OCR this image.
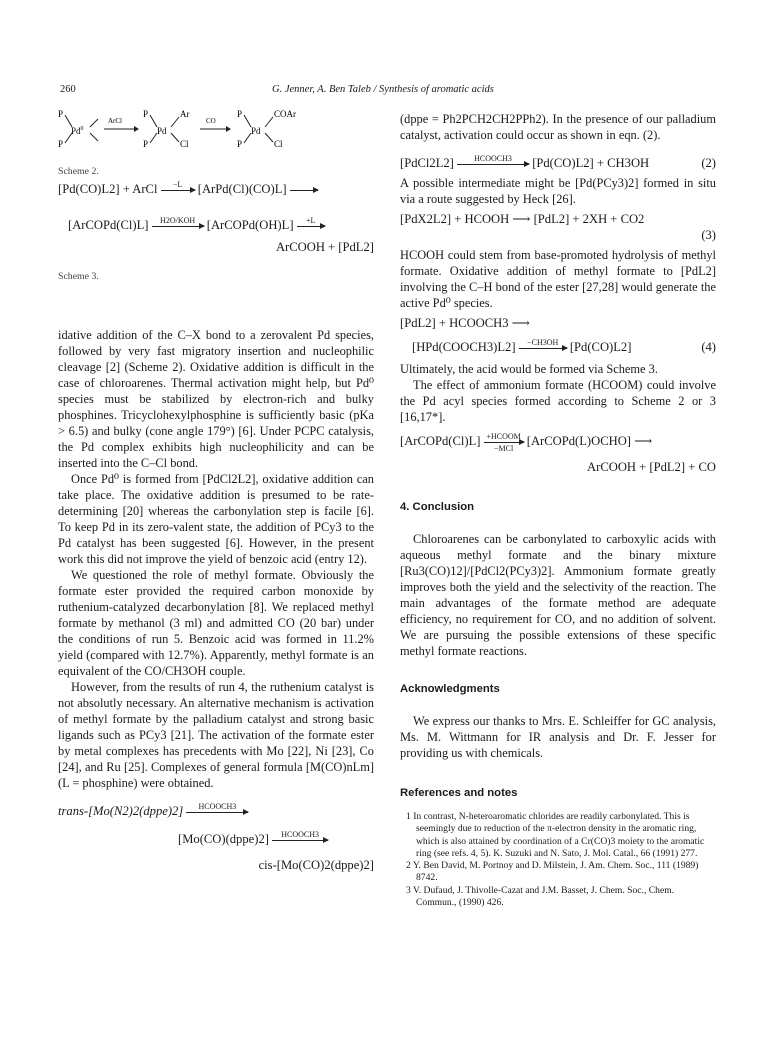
260	G. Jenner, A. Ben Taleb / Synthesis of aromatic acids
P
P
Pd$^0$
ArCl
P
P
Pd
Ar
Cl
CO
P
P
Pd
COAr
Cl
Scheme 2.
[Pd(CO)L2] + ArCl	−L	[ArPd(Cl)(CO)L]
[ArCOPd(Cl)L]	H2O/KOH [ArCOPd(OH)L]	+L
ArCOOH + [PdL2]
Scheme 3.

idative addition of the C–X bond to a zerovalent Pd species, followed by very fast migratory insertion and nucleophilic cleavage [2] (Scheme 2). Oxidative addition is difficult in the case of chloroarenes. Thermal activation might help, but Pd⁰ species must be stabilized by electron-rich and bulky phosphines. Tricyclohexylphosphine is sufficiently basic (pKa > 6.5) and bulky (cone angle 179°) [6]. Under PCPC catalysis, the Pd complex exhibits high nucleophilicity and can be inserted into the C–Cl bond.

Once Pd⁰ is formed from [PdCl2L2], oxidative addition can take place. The oxidative addition is presumed to be rate-determining [20] whereas the carbonylation step is facile [6]. To keep Pd in its zero-valent state, the addition of PCy3 to the Pd catalyst has been suggested [6]. However, in the present work this did not improve the yield of benzoic acid (entry 12).

We questioned the role of methyl formate. Obviously the formate ester provided the required carbon monoxide by ruthenium-catalyzed decarbonylation [8]. We replaced methyl formate by methanol (3 ml) and admitted CO (20 bar) under the conditions of run 5. Benzoic acid was formed in 11.2% yield (compared with 12.7%). Apparently, methyl formate is an equivalent of the CO/CH3OH couple.

However, from the results of run 4, the ruthenium catalyst is not absolutly necessary. An alternative mechanism is activation of methyl formate by the palladium catalyst and strong basic ligands such as PCy3 [21]. The activation of the formate ester by metal complexes has precedents with Mo [22], Ni [23], Co [24], and Ru [25]. Complexes of general formula [M(CO)nLm] (L = phosphine) were obtained.

trans-[Mo(N2)2(dppe)2]	HCOOCH3
[Mo(CO)(dppe)2]	HCOOCH3
cis-[Mo(CO)2(dppe)2]

(dppe = Ph2PCH2CH2PPh2). In the presence of our palladium catalyst, activation could occur as shown in eqn. (2).

[PdCl2L2]	HCOOCH3	[Pd(CO)L2] + CH3OH	(2)

A possible intermediate might be [Pd(PCy3)2] formed in situ via a route suggested by Heck [26].

[PdX2L2] + HCOOH ⟶ [PdL2] + 2XH + CO2
(3)

HCOOH could stem from base-promoted hydrolysis of methyl formate. Oxidative addition of methyl formate to [PdL2] involving the C–H bond of the ester [27,28] would generate the active Pd⁰ species.

[PdL2] + HCOOCH3 ⟶
[HPd(COOCH3)L2]	−CH3OH [Pd(CO)L2]	(4)

Ultimately, the acid would be formed via Scheme 3.

The effect of ammonium formate (HCOOM) could involve the Pd acyl species formed according to Scheme 2 or 3 [16,17*].

[ArCOPd(Cl)L] +HCOOM
−MCl
[ArCOPd(L)OCHO] ⟶
ArCOOH + [PdL2] + CO
4. Conclusion

Chloroarenes can be carbonylated to carboxylic acids with aqueous methyl formate and the binary mixture [Ru3(CO)12]/[PdCl2(PCy3)2]. Ammonium formate greatly improves both the yield and the selectivity of the reaction. The main advantages of the formate method are adequate efficiency, no requirement for CO, and no addition of solvent. We are pursuing the possible extensions of these specific methyl formate reactions.

Acknowledgments

We express our thanks to Mrs. E. Schleiffer for GC analysis, Ms. M. Wittmann for IR analysis and Dr. F. Jesser for providing us with chemicals.

References and notes
1 In contrast, N-heteroaromatic chlorides are readily carbonylated. This is seemingly due to reduction of the π-electron density in the aromatic ring, which is also attained by coordination of a Cr(CO)3 moiety to the aromatic ring (see refs. 4, 5). K. Suzuki and N. Sato, J. Mol. Catal., 66 (1991) 277.
2 Y. Ben David, M. Portnoy and D. Milstein, J. Am. Chem. Soc., 111 (1989) 8742.
3 V. Dufaud, J. Thivolle-Cazat and J.M. Basset, J. Chem. Soc., Chem. Commun., (1990) 426.
